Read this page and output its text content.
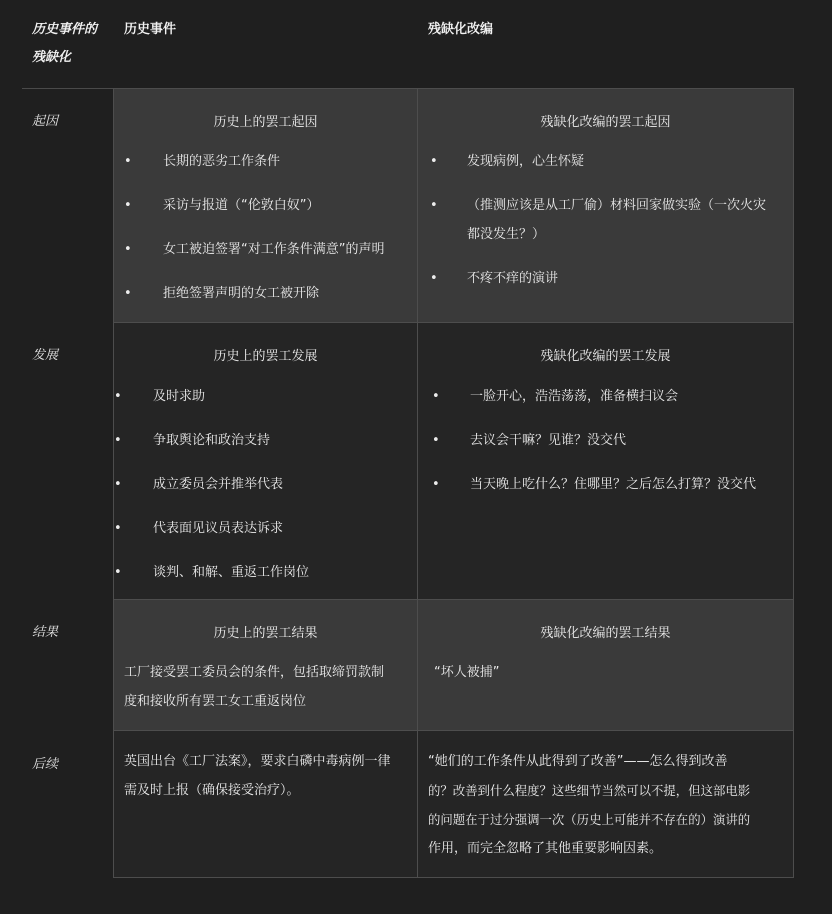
历史事件的
残缺化
历史事件	残缺化改编
起因
发展
结果
后续
历史上的罢工起因
• 长期的恶劣工作条件
• 采访与报道（“伦敦白奴”）
• 女工被迫签署“对工作条件满意”的声明
• 拒绝签署声明的女工被开除
残缺化改编的罢工起因
• 发现病例，心生怀疑
• （推测应该是从工厂偷）材料回家做实验（一次火灾
都没发生？）
• 不疼不痒的演讲
历史上的罢工发展
• 及时求助
• 争取舆论和政治支持
• 成立委员会并推举代表
• 代表面见议员表达诉求
• 谈判、和解、重返工作岗位
残缺化改编的罢工发展
• 一脸开心，浩浩荡荡，准备横扫议会
• 去议会干嘛？见谁？没交代
• 当天晚上吃什么？住哪里？之后怎么打算？没交代
历史上的罢工结果
工厂接受罢工委员会的条件，包括取缔罚款制
度和接收所有罢工女工重返岗位
残缺化改编的罢工结果
“坏人被捕”
英国出台《工厂法案》，要求白磷中毒病例一律
需及时上报（确保接受治疗）。
“她们的工作条件从此得到了改善”——怎么得到改善
的？改善到什么程度？这些细节当然可以不提，但这部电影
的问题在于过分强调一次（历史上可能并不存在的）演讲的
作用，而完全忽略了其他重要影响因素。
